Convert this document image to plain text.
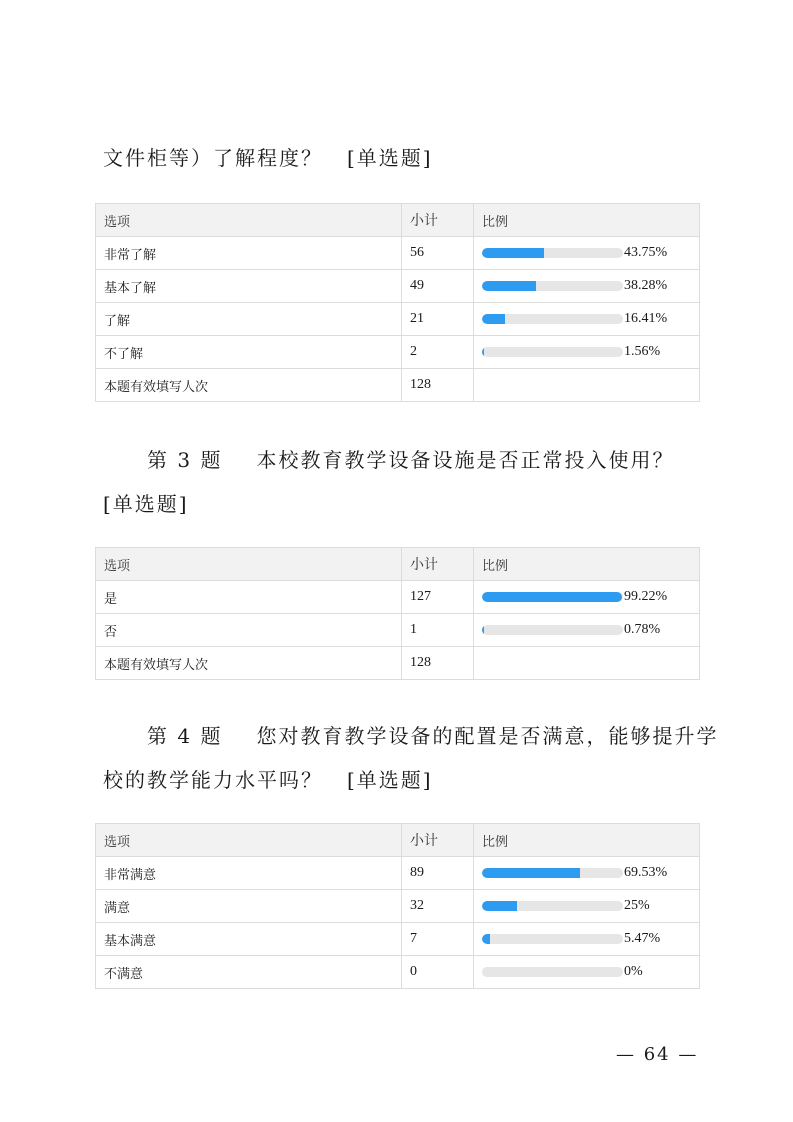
文件柜等）了解程度？ [单选题]
选项	小计	比例
非常了解	56	43.75%

基本了解	49	38.28%

了解	21	16.41%

不了解	2	1.56%

本题有效填写人次	128	
第 3 题 本校教育教学设备设施是否正常投入使用？
[单选题]
选项	小计	比例
是	127	99.22%

否	1	0.78%

本题有效填写人次	128	
第 4 题 您对教育教学设备的配置是否满意，能够提升学
校的教学能力水平吗？ [单选题]
选项	小计	比例
非常满意	89	69.53%

满意	32	25%

基本满意	7	5.47%

不满意	0	0%
— 64 —
